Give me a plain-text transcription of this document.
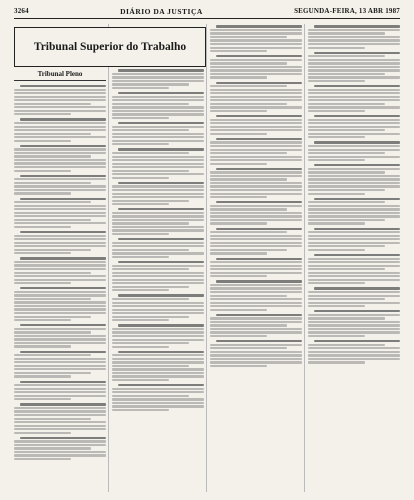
3264	DIÁRIO DA JUSTIÇA	SEGUNDA-FEIRA, 13 ABR 1987
Tribunal Superior do Trabalho
Tribunal Pleno
